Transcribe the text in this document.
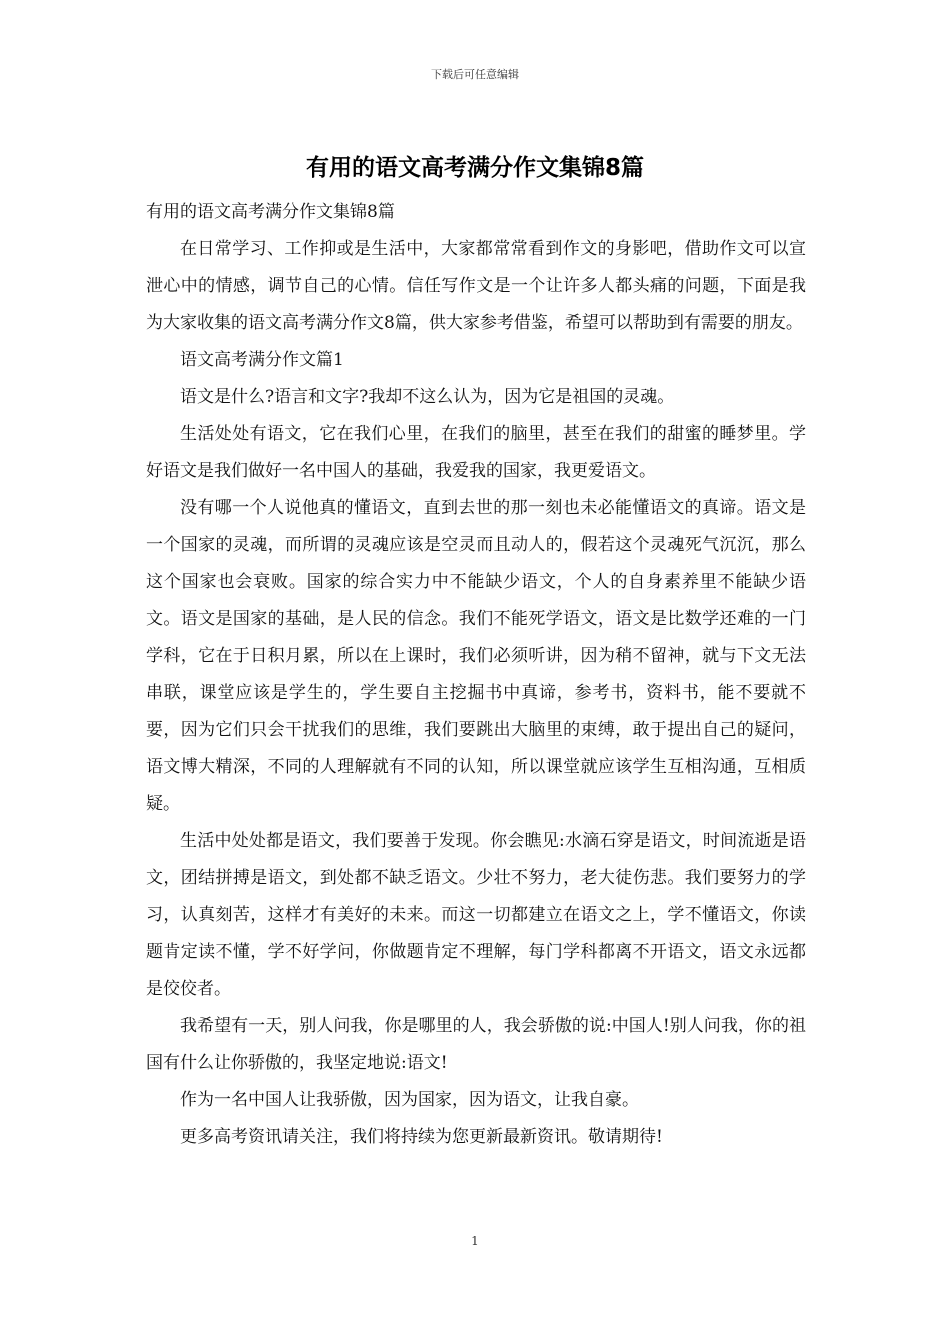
下载后可任意编辑
有用的语文高考满分作文集锦8篇

有用的语文高考满分作文集锦8篇

在日常学习、工作抑或是生活中，大家都常常看到作文的身影吧，借助作文可以宣泄心中的情感，调节自己的心情。信任写作文是一个让许多人都头痛的问题，下面是我为大家收集的语文高考满分作文8篇，供大家参考借鉴，希望可以帮助到有需要的朋友。

语文高考满分作文篇1

语文是什么?语言和文字?我却不这么认为，因为它是祖国的灵魂。

生活处处有语文，它在我们心里，在我们的脑里，甚至在我们的甜蜜的睡梦里。学好语文是我们做好一名中国人的基础，我爱我的国家，我更爱语文。

没有哪一个人说他真的懂语文，直到去世的那一刻也未必能懂语文的真谛。语文是一个国家的灵魂，而所谓的灵魂应该是空灵而且动人的，假若这个灵魂死气沉沉，那么这个国家也会衰败。国家的综合实力中不能缺少语文，个人的自身素养里不能缺少语文。语文是国家的基础，是人民的信念。我们不能死学语文，语文是比数学还难的一门学科，它在于日积月累，所以在上课时，我们必须听讲，因为稍不留神，就与下文无法串联，课堂应该是学生的，学生要自主挖掘书中真谛，参考书，资料书，能不要就不要，因为它们只会干扰我们的思维，我们要跳出大脑里的束缚，敢于提出自己的疑问，语文博大精深，不同的人理解就有不同的认知，所以课堂就应该学生互相沟通，互相质疑。

生活中处处都是语文，我们要善于发现。你会瞧见:水滴石穿是语文，时间流逝是语文，团结拼搏是语文，到处都不缺乏语文。少壮不努力，老大徒伤悲。我们要努力的学习，认真刻苦，这样才有美好的未来。而这一切都建立在语文之上，学不懂语文，你读题肯定读不懂，学不好学问，你做题肯定不理解，每门学科都离不开语文，语文永远都是佼佼者。

我希望有一天，别人问我，你是哪里的人，我会骄傲的说:中国人!别人问我，你的祖国有什么让你骄傲的，我坚定地说:语文!

作为一名中国人让我骄傲，因为国家，因为语文，让我自豪。

更多高考资讯请关注，我们将持续为您更新最新资讯。敬请期待!

1
